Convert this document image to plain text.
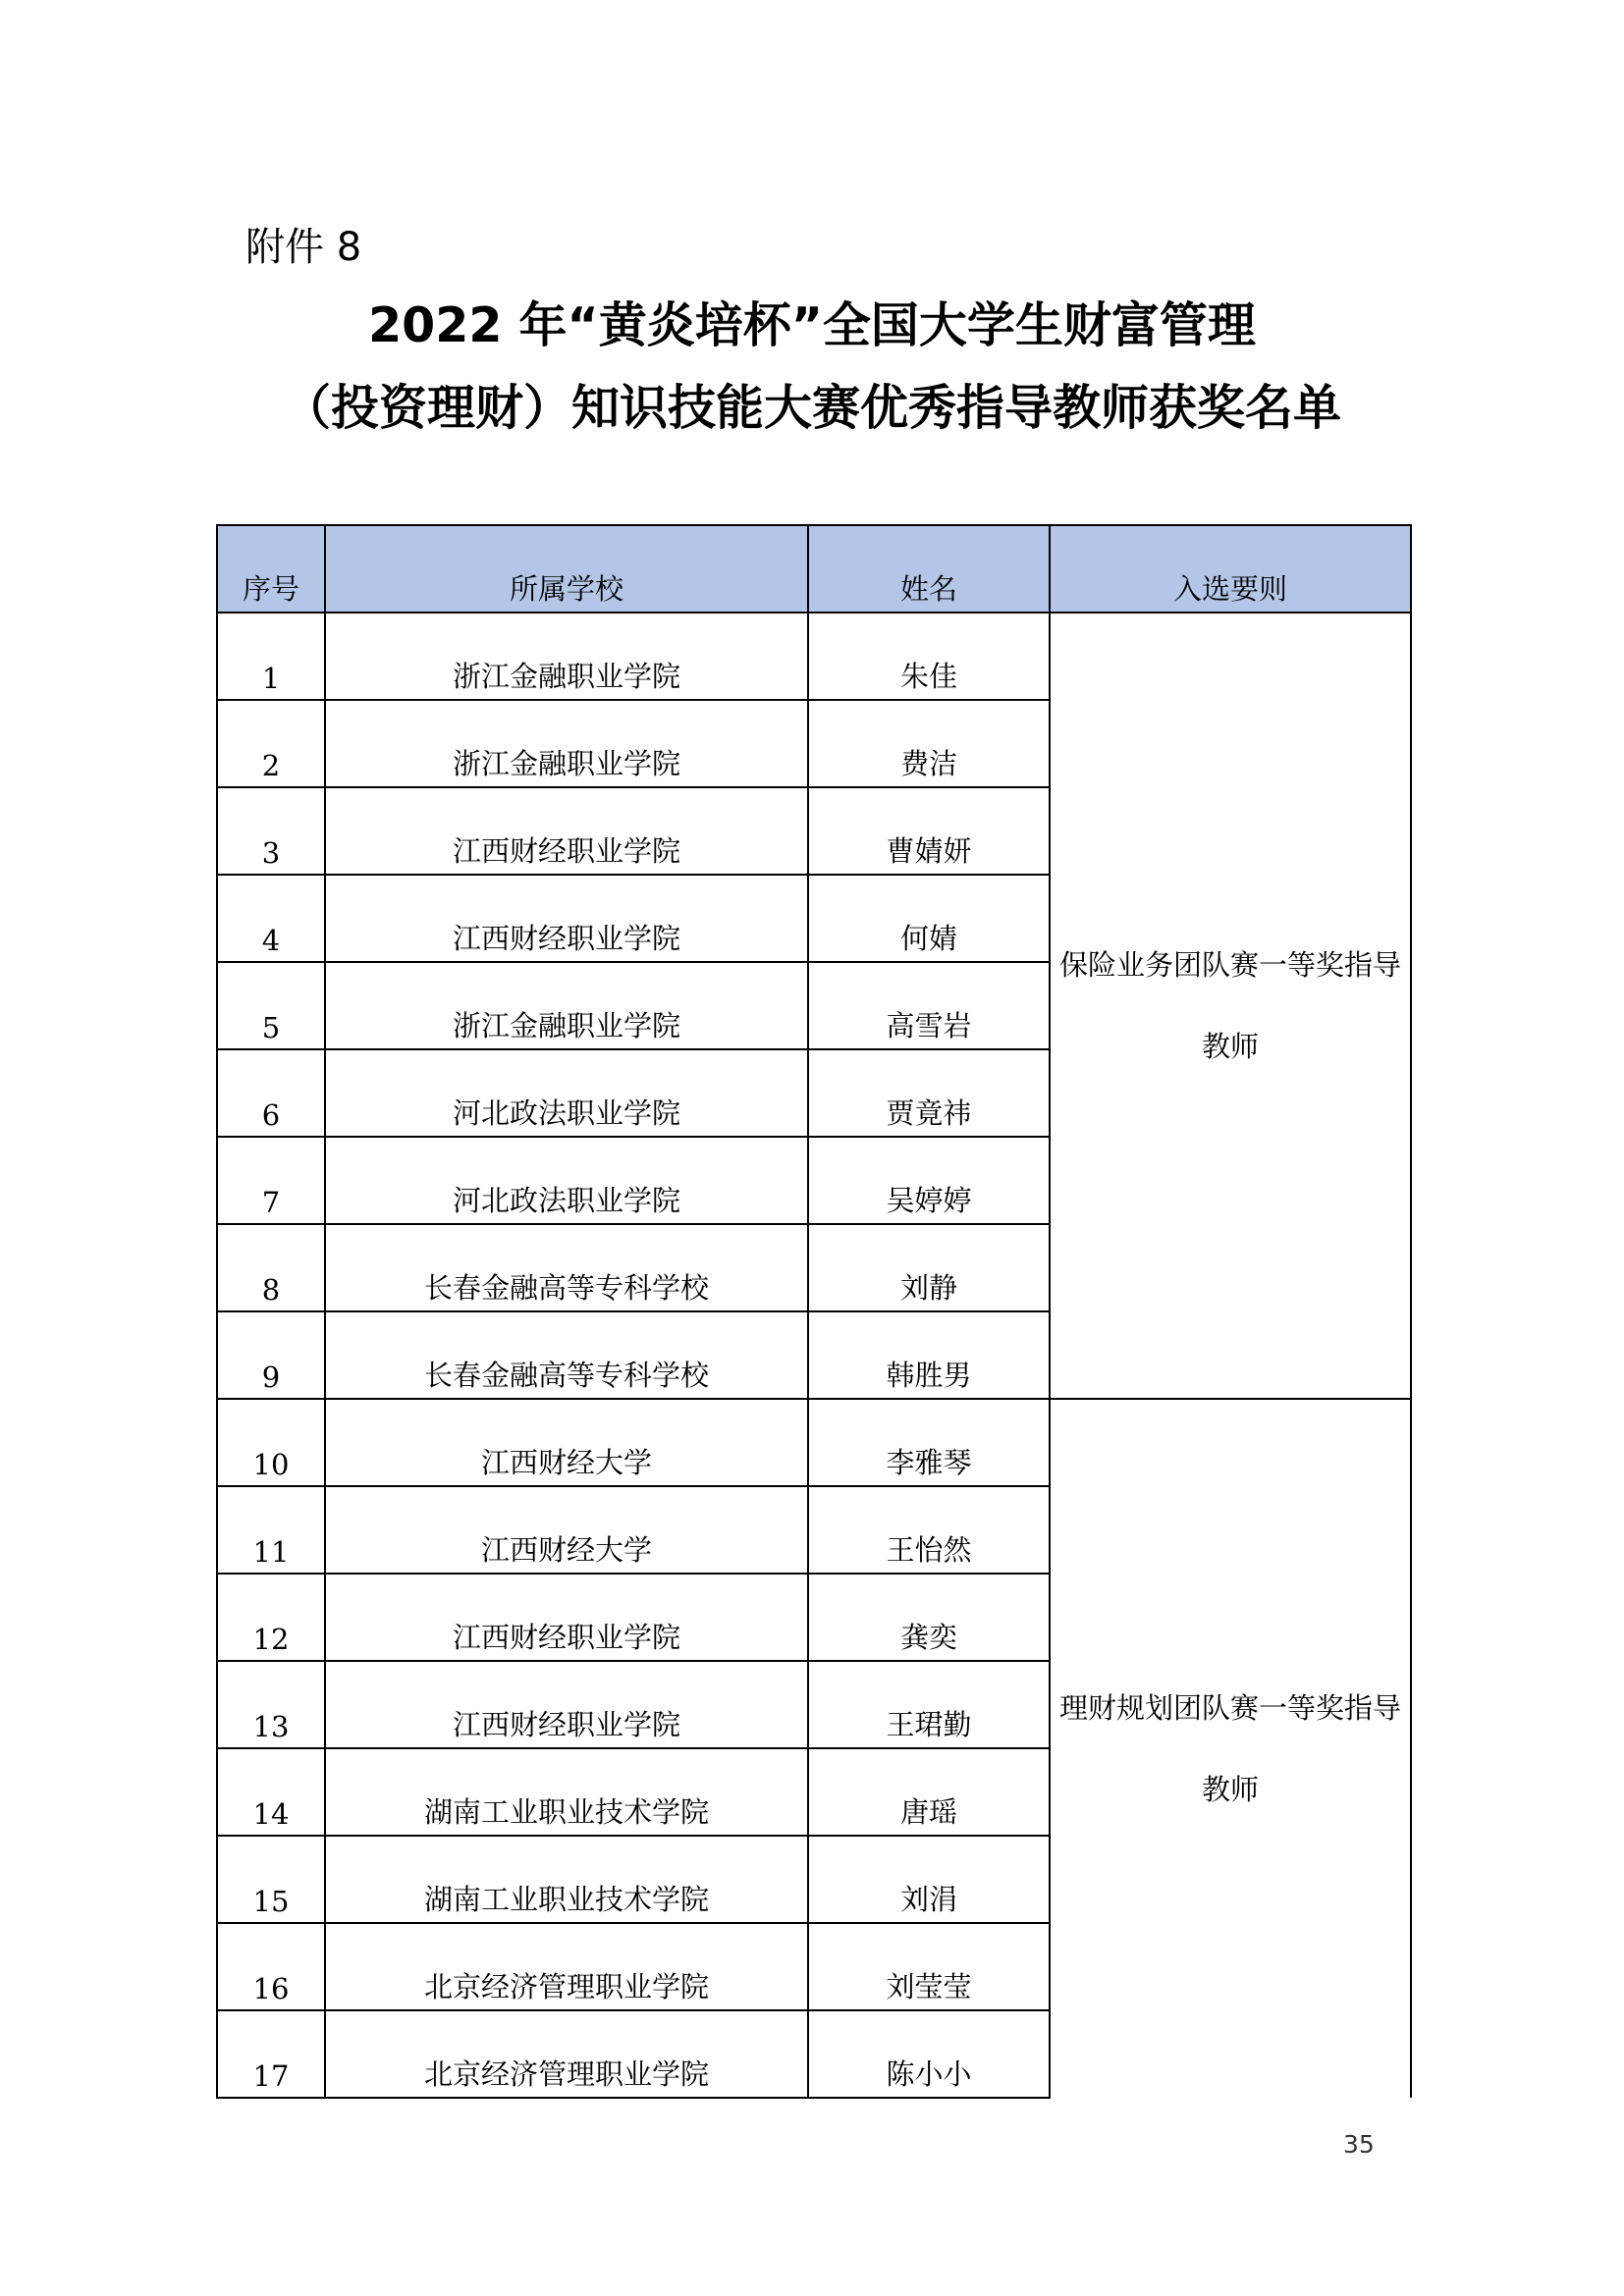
附件 8

2022 年“黄炎培杯”全国大学生财富管理
（投资理财）知识技能大赛优秀指导教师获奖名单
序号	所属学校	姓名	入选要则
1	浙江金融职业学院	朱佳	保险业务团队赛一等奖指导教师
2	浙江金融职业学院	费洁	
3	江西财经职业学院	曹婧妍	
4	江西财经职业学院	何婧	
5	浙江金融职业学院	高雪岩	
6	河北政法职业学院	贾竟祎	
7	河北政法职业学院	吴婷婷	
8	长春金融高等专科学校	刘静	
9	长春金融高等专科学校	韩胜男	
10	江西财经大学	李雅琴	理财规划团队赛一等奖指导教师
11	江西财经大学	王怡然	
12	江西财经职业学院	龚奕	
13	江西财经职业学院	王珺勤	
14	湖南工业职业技术学院	唐瑶	
15	湖南工业职业技术学院	刘涓	
16	北京经济管理职业学院	刘莹莹	
17	北京经济管理职业学院	陈小小	

35
